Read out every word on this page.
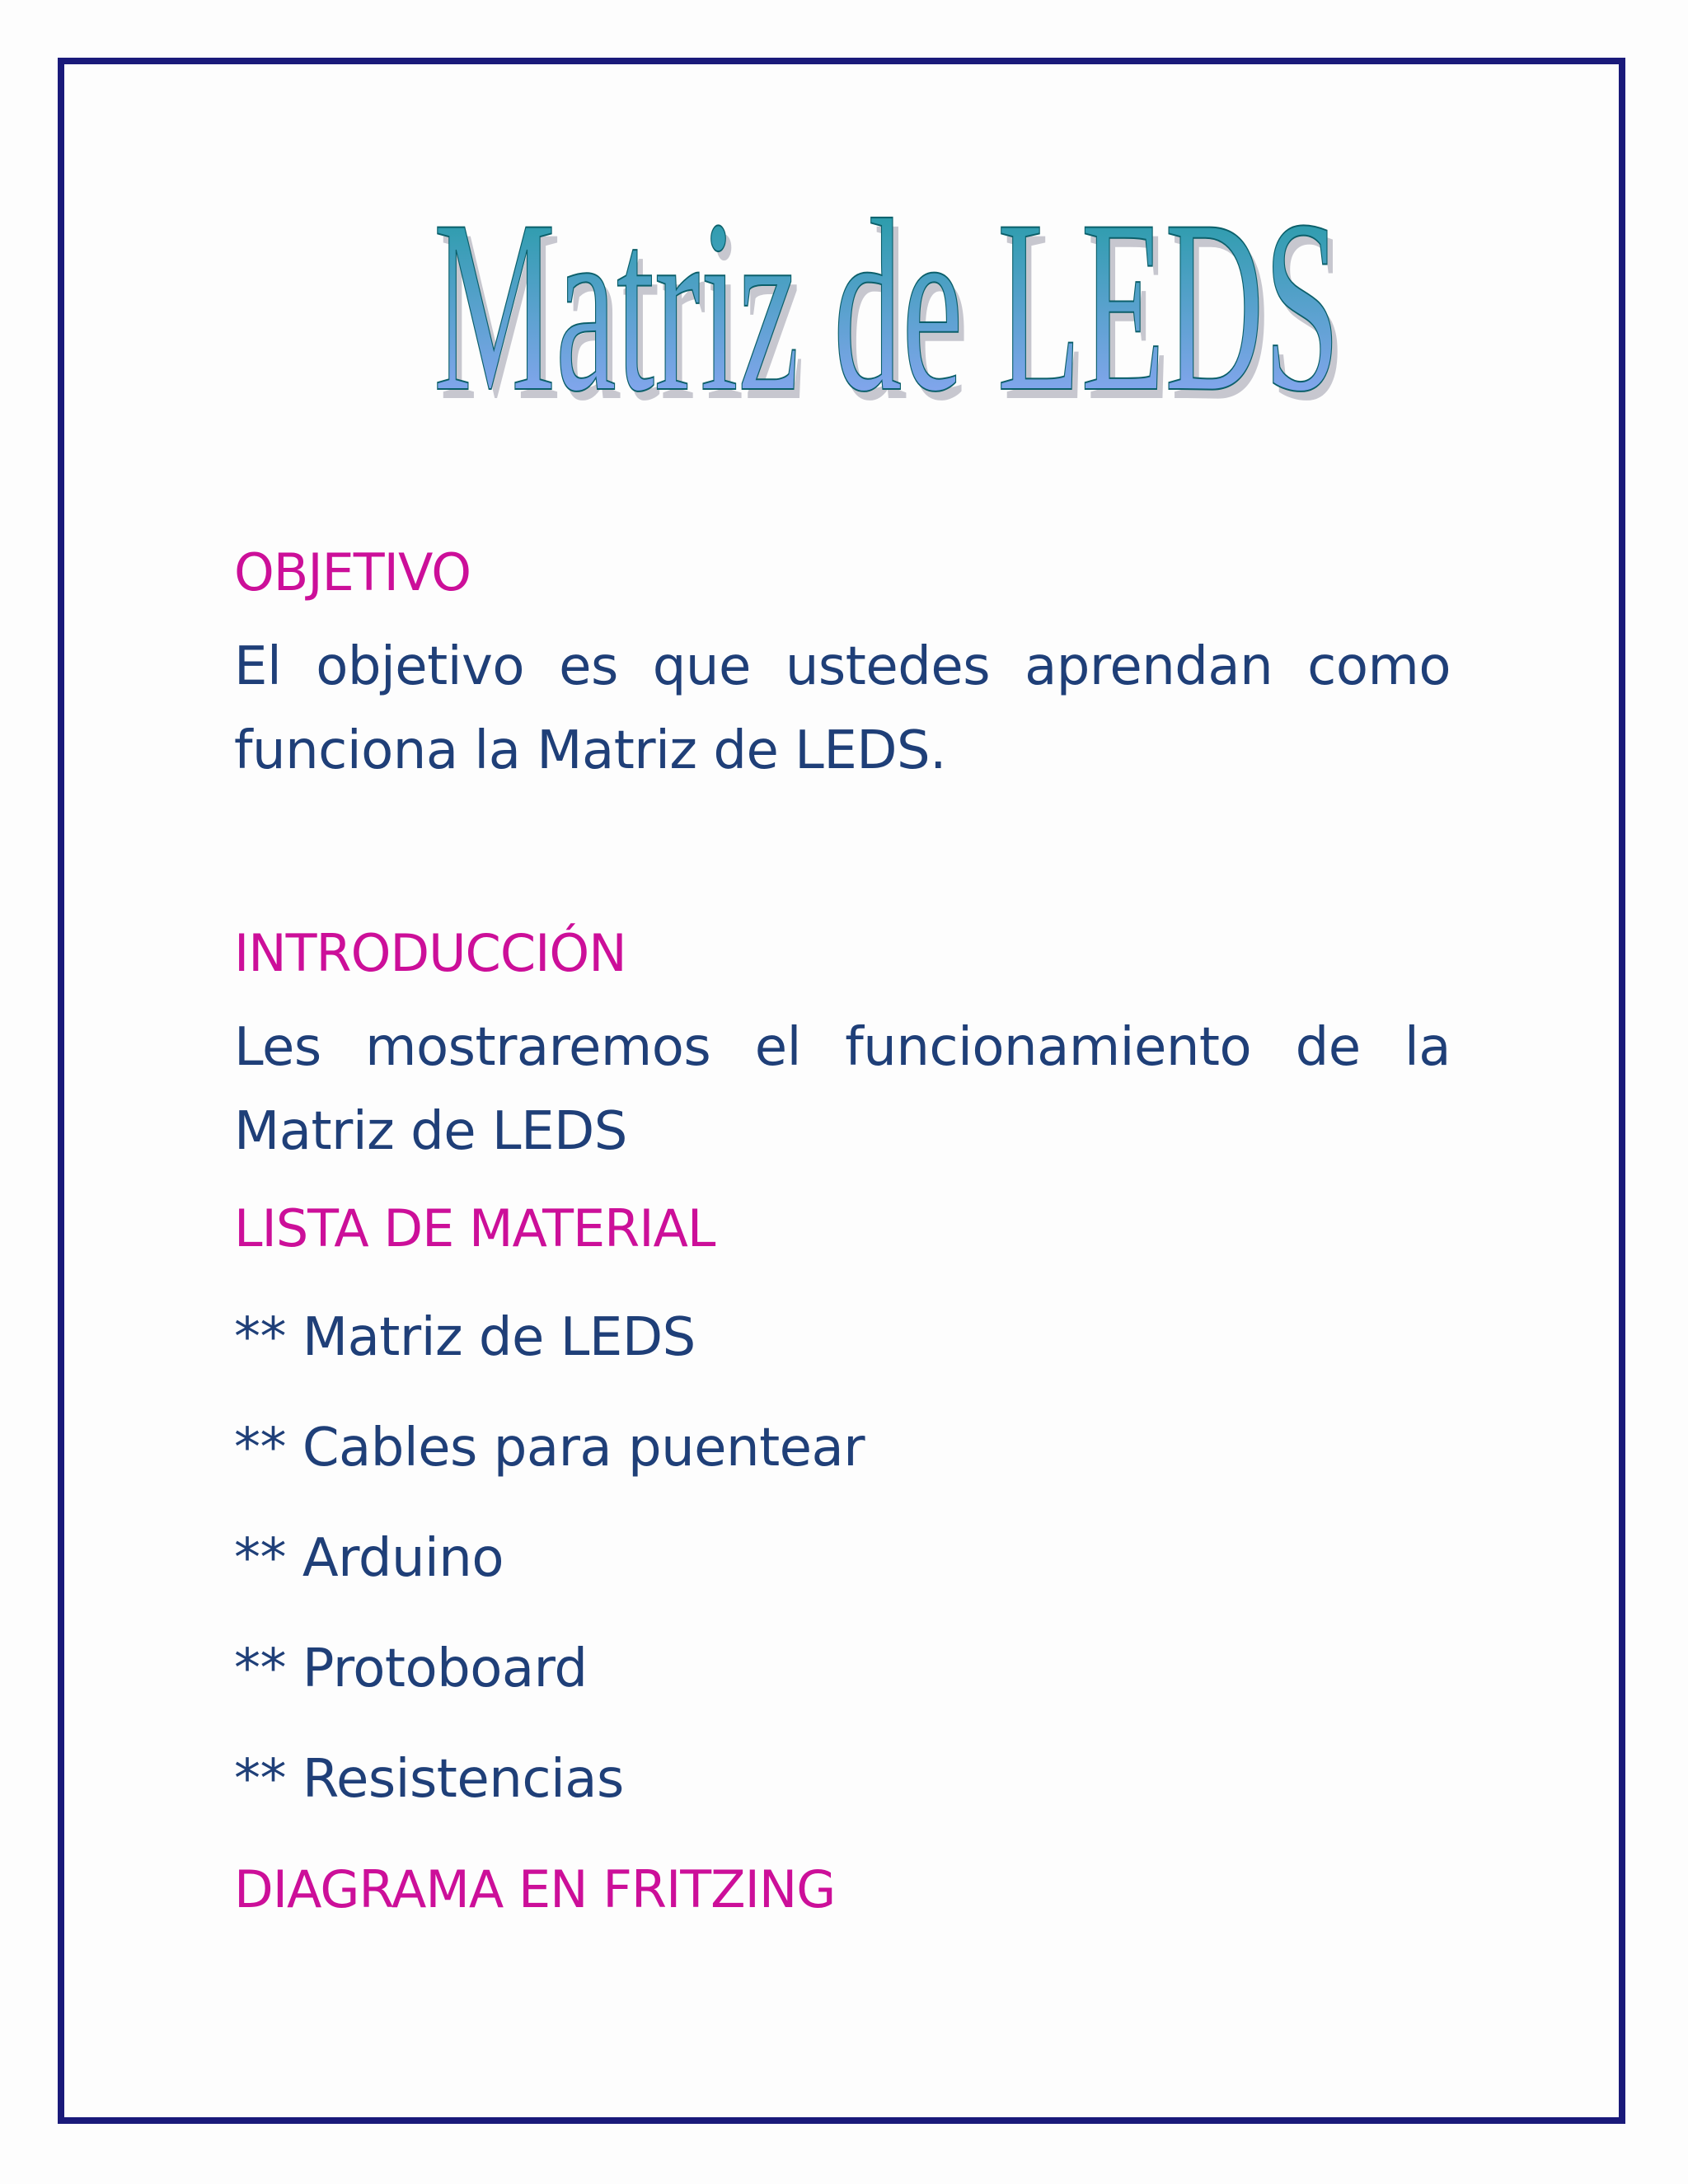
Matriz de LEDS
Matriz de LEDS
OBJETIVO

El objetivo es que ustedes aprendan como funciona la Matriz de LEDS.

INTRODUCCIÓN

Les mostraremos el funcionamiento de la Matriz de LEDS

LISTA DE MATERIAL

** Matriz de LEDS

** Cables para puentear

** Arduino

** Protoboard

** Resistencias

DIAGRAMA EN FRITZING
